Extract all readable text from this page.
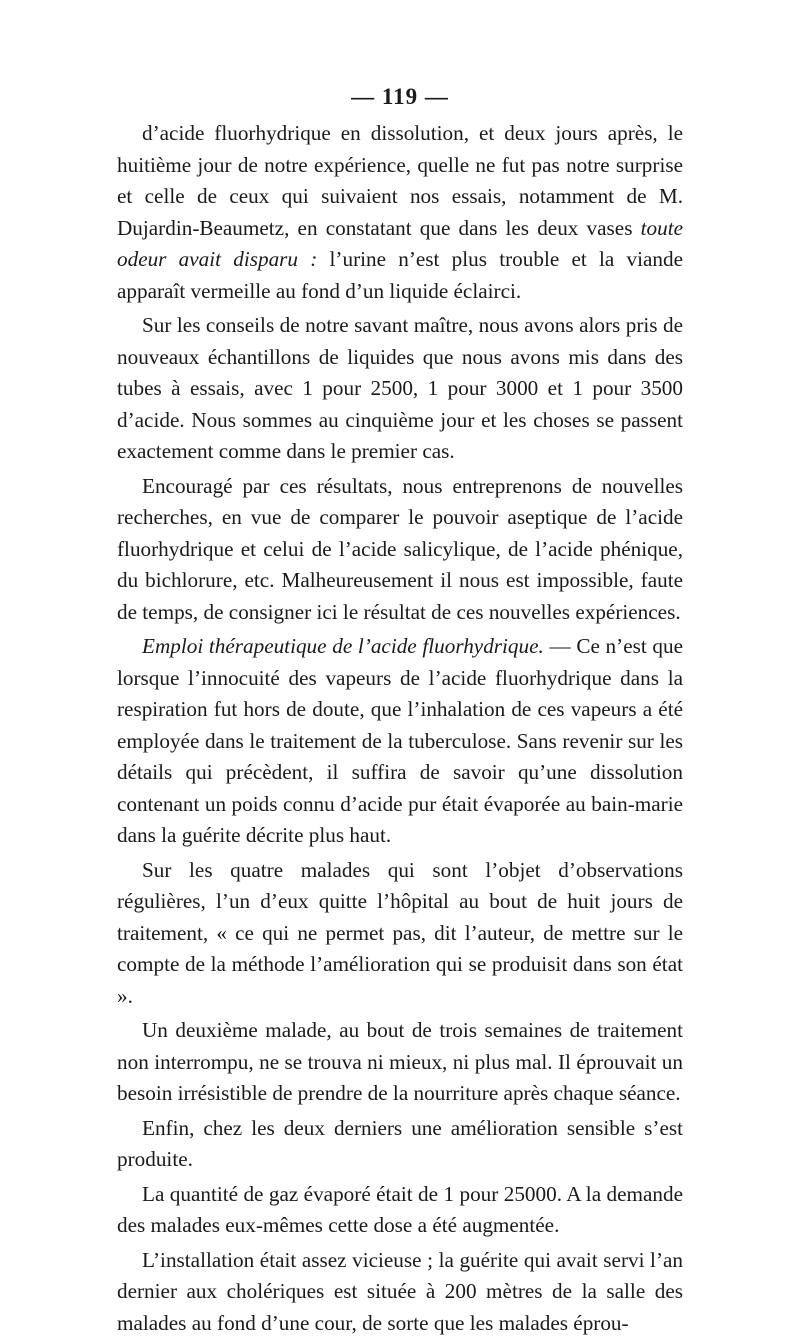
— 119 —

d’acide fluorhydrique en dissolution, et deux jours après, le huitième jour de notre expérience, quelle ne fut pas notre surprise et celle de ceux qui suivaient nos essais, notamment de M. Dujardin-Beaumetz, en constatant que dans les deux vases toute odeur avait disparu : l’urine n’est plus trouble et la viande apparaît vermeille au fond d’un liquide éclairci.

Sur les conseils de notre savant maître, nous avons alors pris de nouveaux échantillons de liquides que nous avons mis dans des tubes à essais, avec 1 pour 2500, 1 pour 3000 et 1 pour 3500 d’acide. Nous sommes au cinquième jour et les choses se passent exactement comme dans le premier cas.

Encouragé par ces résultats, nous entreprenons de nouvelles recherches, en vue de comparer le pouvoir aseptique de l’acide fluorhydrique et celui de l’acide salicylique, de l’acide phénique, du bichlorure, etc. Malheureusement il nous est impossible, faute de temps, de consigner ici le résultat de ces nouvelles expériences.

Emploi thérapeutique de l’acide fluorhydrique. — Ce n’est que lorsque l’innocuité des vapeurs de l’acide fluorhydrique dans la respiration fut hors de doute, que l’inhalation de ces vapeurs a été employée dans le traitement de la tuberculose. Sans revenir sur les détails qui précèdent, il suffira de savoir qu’une dissolution contenant un poids connu d’acide pur était évaporée au bain-marie dans la guérite décrite plus haut.

Sur les quatre malades qui sont l’objet d’observations régulières, l’un d’eux quitte l’hôpital au bout de huit jours de traitement, « ce qui ne permet pas, dit l’auteur, de mettre sur le compte de la méthode l’amélioration qui se produisit dans son état ».

Un deuxième malade, au bout de trois semaines de traitement non interrompu, ne se trouva ni mieux, ni plus mal. Il éprouvait un besoin irrésistible de prendre de la nourriture après chaque séance.

Enfin, chez les deux derniers une amélioration sensible s’est produite.

La quantité de gaz évaporé était de 1 pour 25000. A la demande des malades eux-mêmes cette dose a été augmentée.

L’installation était assez vicieuse ; la guérite qui avait servi l’an dernier aux cholériques est située à 200 mètres de la salle des malades au fond d’une cour, de sorte que les malades éprou-
